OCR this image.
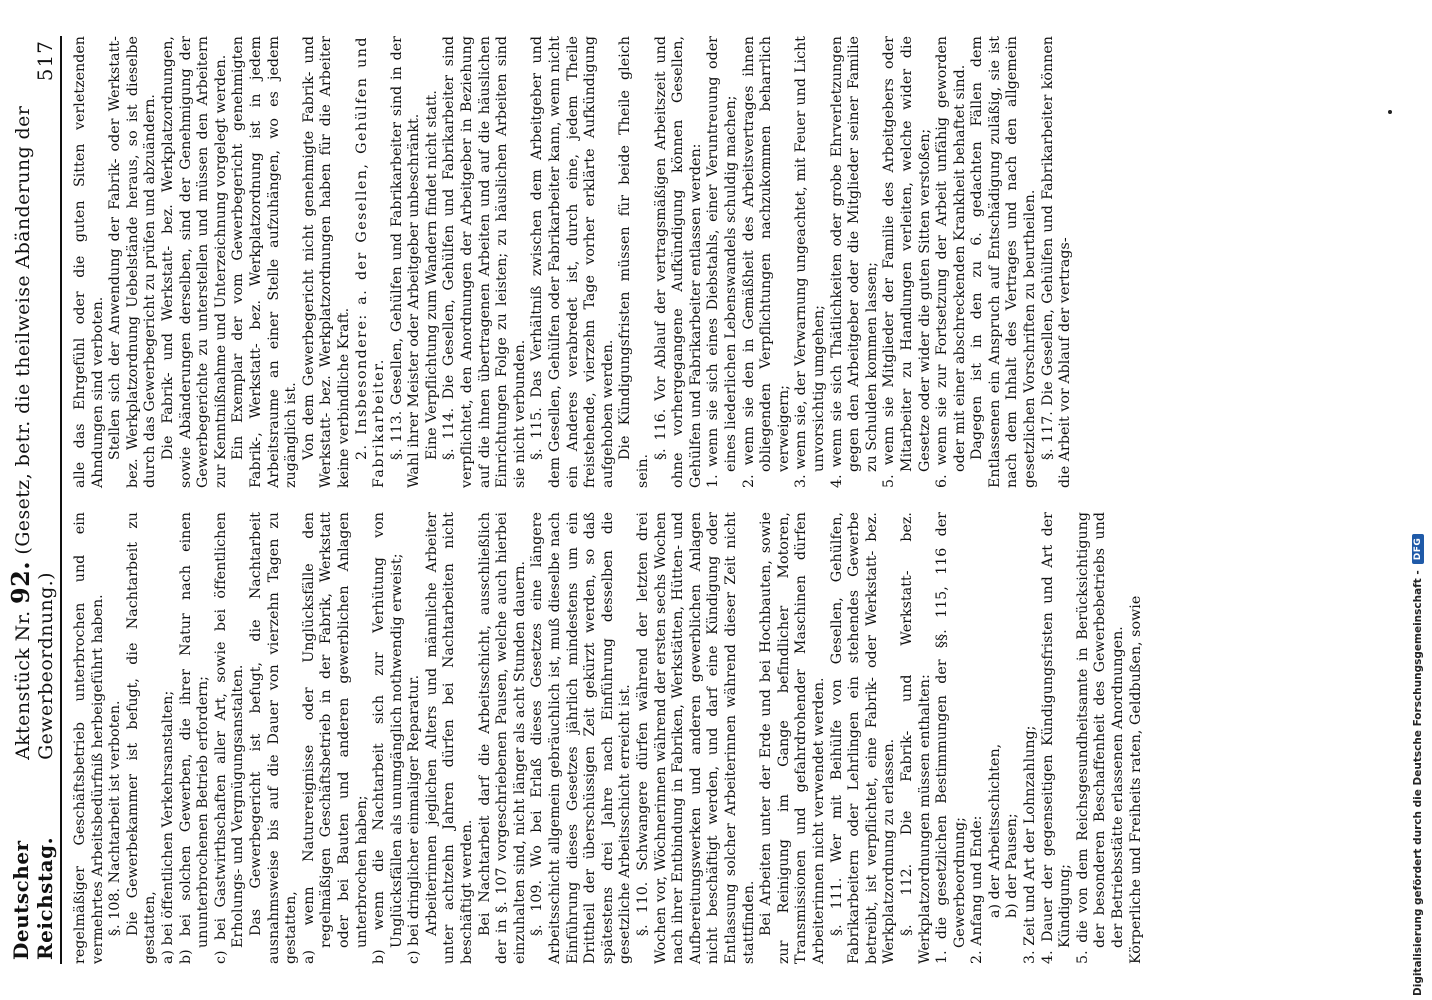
Deutscher Reichstag.
Aktenstück Nr. 92. (Gesetz, betr. die theilweise Abänderung der Gewerbeordnung.)
517

regelmäßiger Geschäftsbetrieb unterbrochen und ein vermehrtes Arbeitsbedürfniß herbeigeführt haben. §. 108. Nachtarbeit ist verboten. Die Gewerbekammer ist befugt, die Nachtarbeit zu gestatten, a) bei öffentlichen Verkehrsanstalten; b) bei solchen Gewerben, die ihrer Natur nach einen ununterbrochenen Betrieb erfordern; c) bei Gastwirthschaften aller Art, sowie bei öffentlichen Erholungs- und Vergnügungsanstalten. Das Gewerbegericht ist befugt, die Nachtarbeit ausnahmsweise bis auf die Dauer von vierzehn Tagen zu gestatten, a) wenn Naturereignisse oder Unglücksfälle den regelmäßigen Geschäftsbetrieb in der Fabrik, Werkstatt oder bei Bauten und anderen gewerblichen Anlagen unterbrochen haben; b) wenn die Nachtarbeit sich zur Verhütung von Unglücksfällen als unumgänglich nothwendig erweist; c) bei dringlicher einmaliger Reparatur. Arbeiterinnen jeglichen Alters und männliche Arbeiter unter achtzehn Jahren dürfen bei Nachtarbeiten nicht beschäftigt werden. Bei Nachtarbeit darf die Arbeitsschicht, ausschließlich der in §. 107 vorgeschriebenen Pausen, welche auch hierbei einzuhalten sind, nicht länger als acht Stunden dauern. §. 109. Wo bei Erlaß dieses Gesetzes eine längere Arbeitsschicht allgemein gebräuchlich ist, muß dieselbe nach Einführung dieses Gesetzes jährlich mindestens um ein Drittheil der überschüssigen Zeit gekürzt werden, so daß spätestens drei Jahre nach Einführung desselben die gesetzliche Arbeitsschicht erreicht ist. §. 110. Schwangere dürfen während der letzten drei Wochen vor, Wöchnerinnen während der ersten sechs Wochen nach ihrer Entbindung in Fabriken, Werkstätten, Hütten- und Aufbereitungswerken und anderen gewerblichen Anlagen nicht beschäftigt werden, und darf eine Kündigung oder Entlassung solcher Arbeiterinnen während dieser Zeit nicht stattfinden. Bei Arbeiten unter der Erde und bei Hochbauten, sowie zur Reinigung im Gange befindlicher Motoren, Transmissionen und gefahrdrohender Maschinen dürfen Arbeiterinnen nicht verwendet werden. §. 111. Wer mit Beihülfe von Gesellen, Gehülfen, Fabrikarbeitern oder Lehrlingen ein stehendes Gewerbe betreibt, ist verpflichtet, eine Fabrik- oder Werkstatt- bez. Werkplatzordnung zu erlassen. §. 112. Die Fabrik- und Werkstatt- bez. Werkplatzordnungen müssen enthalten: 1. die gesetzlichen Bestimmungen der §§. 115, 116 der Gewerbeordnung; 2. Anfang und Ende: a) der Arbeitsschichten, b) der Pausen; 3. Zeit und Art der Lohnzahlung; 4. Dauer der gegenseitigen Kündigungsfristen und Art der Kündigung; 5. die von dem Reichsgesundheitsamte in Berücksichtigung der besonderen Beschaffenheit des Gewerbebetriebs und der Betriebsstätte erlassenen Anordnungen. Körperliche und Freiheits raten, Geldbußen, sowie

alle das Ehrgefühl oder die guten Sitten verletzenden Ahndungen sind verboten. Stellen sich der Anwendung der Fabrik- oder Werkstatt- bez. Werkplatzordnung Uebelstände heraus, so ist dieselbe durch das Gewerbegericht zu prüfen und abzuändern. Die Fabrik- und Werkstatt- bez. Werkplatzordnungen, sowie Abänderungen derselben, sind der Genehmigung der Gewerbegerichte zu unterstellen und müssen den Arbeitern zur Kenntnißnahme und Unterzeichnung vorgelegt werden. Ein Exemplar der vom Gewerbegericht genehmigten Fabrik-, Werkstatt- bez. Werkplatzordnung ist in jedem Arbeitsraume an einer Stelle aufzuhängen, wo es jedem zugänglich ist. Von dem Gewerbegericht nicht genehmigte Fabrik- und Werkstatt- bez. Werkplatzordnungen haben für die Arbeiter keine verbindliche Kraft. 2. Insbesondere: a. der Gesellen, Gehülfen und Fabrikarbeiter. §. 113. Gesellen, Gehülfen und Fabrikarbeiter sind in der Wahl ihrer Meister oder Arbeitgeber unbeschränkt. Eine Verpflichtung zum Wandern findet nicht statt. §. 114. Die Gesellen, Gehülfen und Fabrikarbeiter sind verpflichtet, den Anordnungen der Arbeitgeber in Beziehung auf die ihnen übertragenen Arbeiten und auf die häuslichen Einrichtungen Folge zu leisten; zu häuslichen Arbeiten sind sie nicht verbunden. §. 115. Das Verhältniß zwischen dem Arbeitgeber und dem Gesellen, Gehülfen oder Fabrikarbeiter kann, wenn nicht ein Anderes verabredet ist, durch eine, jedem Theile freistehende, vierzehn Tage vorher erklärte Aufkündigung aufgehoben werden. Die Kündigungsfristen müssen für beide Theile gleich sein.

§. 116. Vor Ablauf der vertragsmäßigen Arbeitszeit und ohne vorhergegangene Aufkündigung können Gesellen, Gehülfen und Fabrikarbeiter entlassen werden: 1. wenn sie sich eines Diebstahls, einer Veruntreuung oder eines liederlichen Lebenswandels schuldig machen; 2. wenn sie den in Gemäßheit des Arbeitsvertrages ihnen obliegenden Verpflichtungen nachzukommen beharrlich verweigern; 3. wenn sie, der Verwarnung ungeachtet, mit Feuer und Licht unvorsichtig umgehen; 4. wenn sie sich Thätlichkeiten oder grobe Ehrverletzungen gegen den Arbeitgeber oder die Mitglieder seiner Familie zu Schulden kommen lassen; 5. wenn sie Mitglieder der Familie des Arbeitgebers oder Mitarbeiter zu Handlungen verleiten, welche wider die Gesetze oder wider die guten Sitten verstoßen; 6. wenn sie zur Fortsetzung der Arbeit unfähig geworden oder mit einer abschreckenden Krankheit behaftet sind. Dagegen ist in den zu 6. gedachten Fällen dem Entlassenen ein Anspruch auf Entschädigung zuläßig, sie ist nach dem Inhalt des Vertrages und nach den allgemein gesetzlichen Vorschriften zu beurtheilen. §. 117. Die Gesellen, Gehülfen und Fabrikarbeiter können die Arbeit vor Ablauf der vertrags-

Digitalisierung gefördert durch die Deutsche Forschungsgemeinschaft -
DFG
